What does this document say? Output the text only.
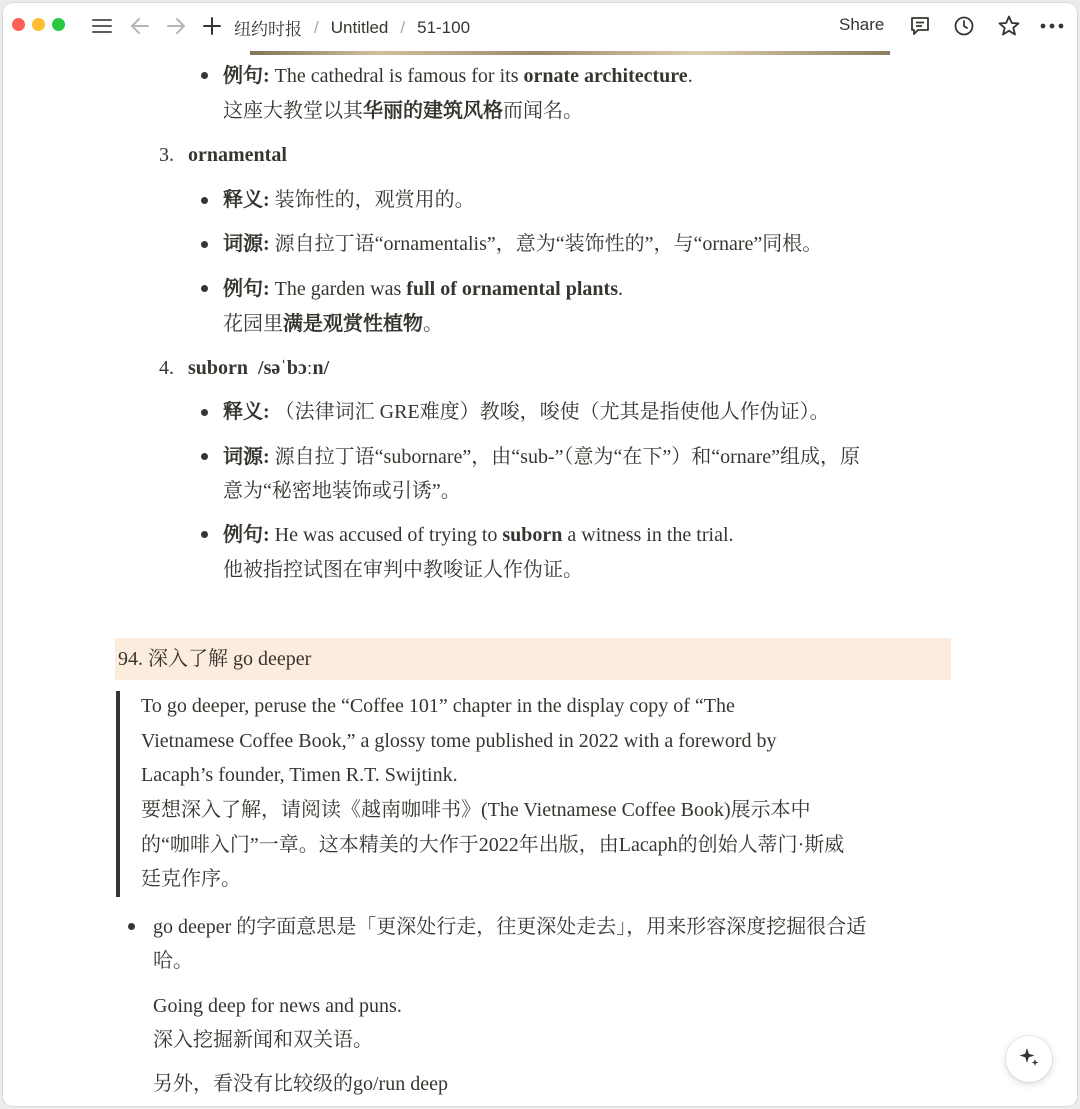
纽约时报 / Untitled / 51-100	Share
例句: The cathedral is famous for its ornate architecture.
这座大教堂以其华丽的建筑风格而闻名。
3. ornamental
释义: 装饰性的，观赏用的。
词源: 源自拉丁语“ornamentalis”，意为“装饰性的”，与“ornare”同根。
例句: The garden was full of ornamental plants.
花园里满是观赏性植物。
4. suborn /səˈbɔːn/
释义: （法律词汇 GRE难度）教唆，唆使（尤其是指使他人作伪证）。
词源: 源自拉丁语“subornare”，由“sub-”（意为“在下”）和“ornare”组成，原
意为“秘密地装饰或引诱”。
例句: He was accused of trying to suborn a witness in the trial.
他被指控试图在审判中教唆证人作伪证。
94. 深入了解 go deeper
To go deeper, peruse the “Coffee 101” chapter in the display copy of “The
Vietnamese Coffee Book,” a glossy tome published in 2022 with a foreword by
Lacaph’s founder, Timen R.T. Swijtink.
要想深入了解，请阅读《越南咖啡书》(The Vietnamese Coffee Book)展示本中
的“咖啡入门”一章。这本精美的大作于2022年出版，由Lacaph的创始人蒂门·斯威
廷克作序。
go deeper 的字面意思是「更深处行走，往更深处走去」，用来形容深度挖掘很合适
哈。
Going deep for news and puns.
深入挖掘新闻和双关语。
另外，看没有比较级的go/run deep
